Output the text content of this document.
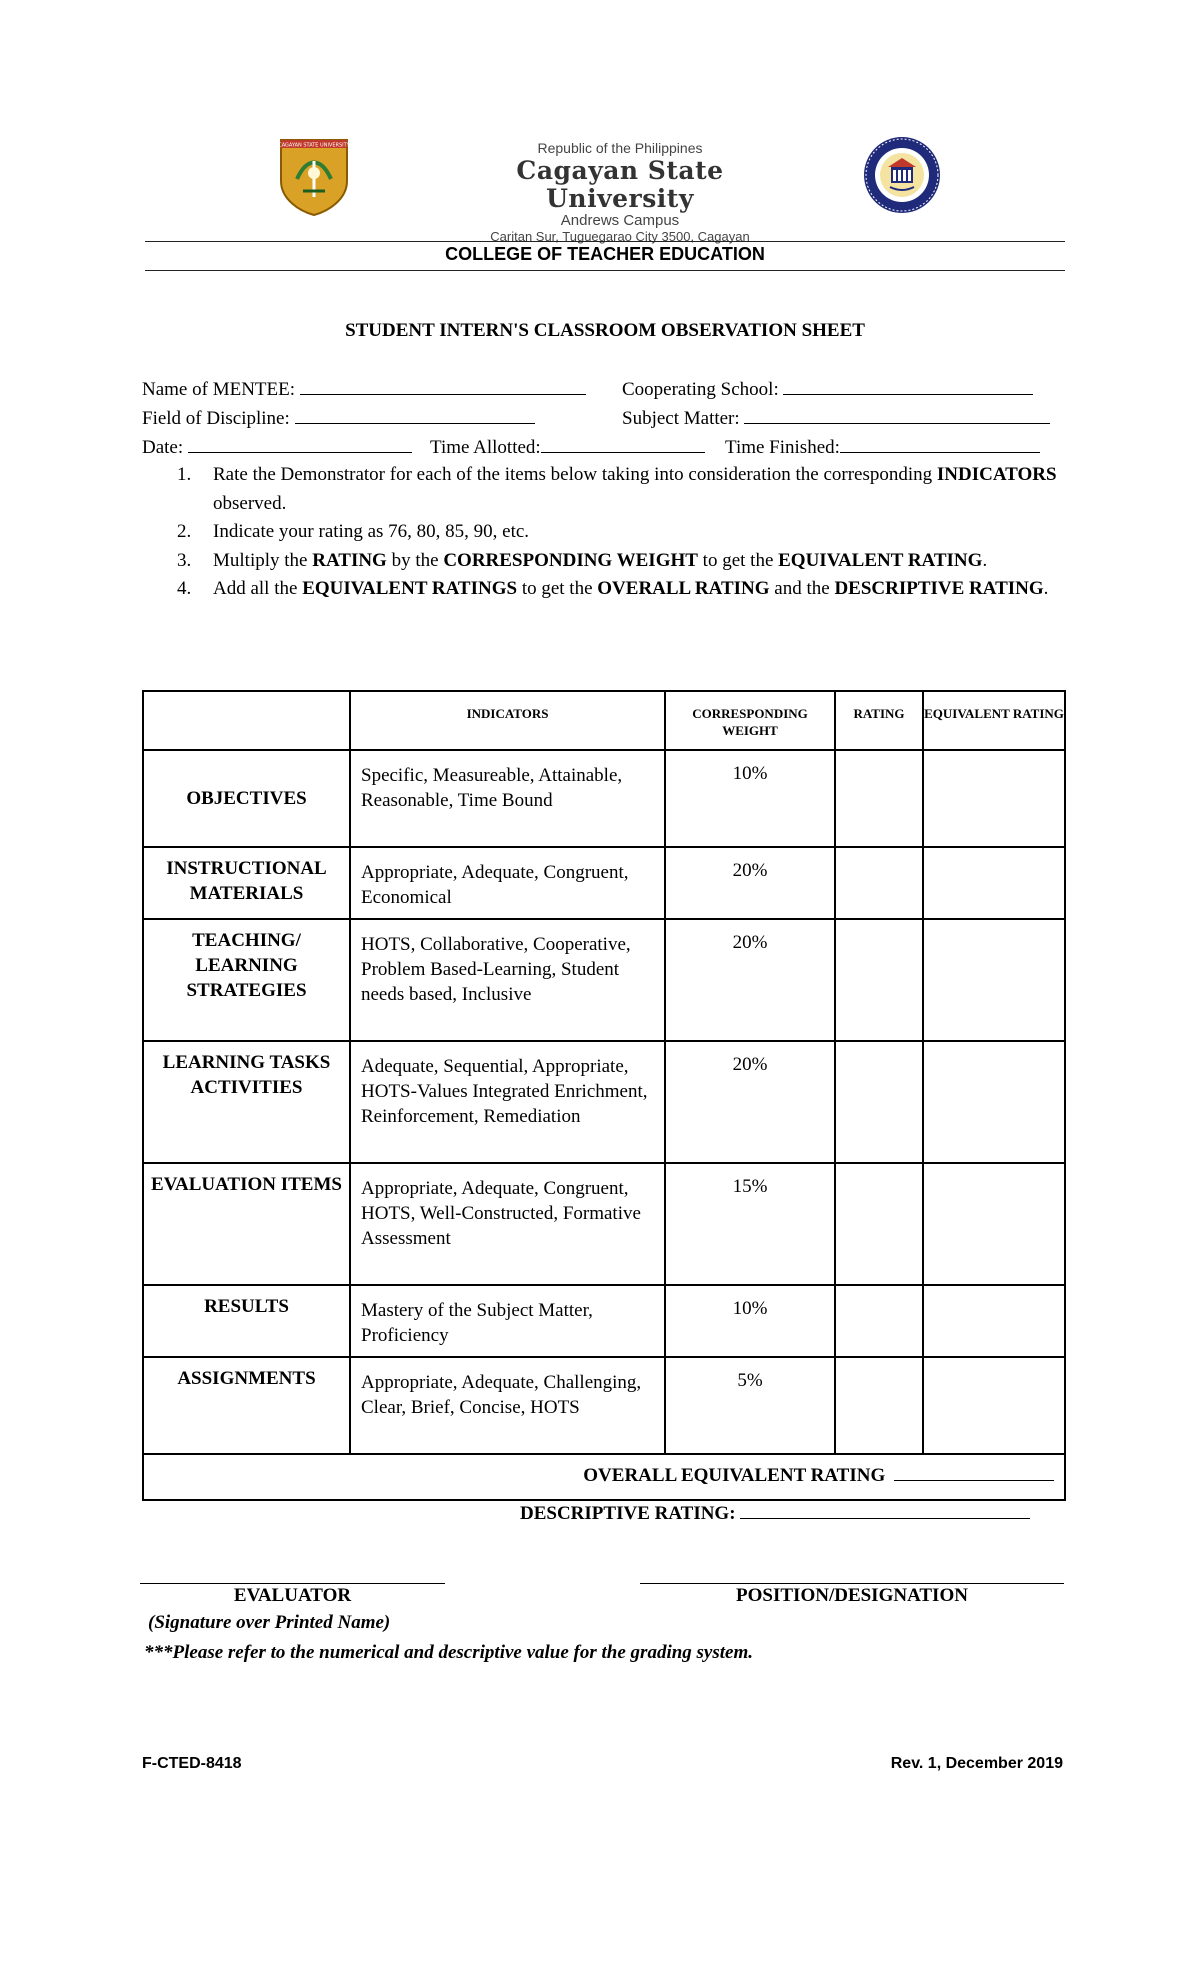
CAGAYAN STATE UNIVERSITY	Republic of the Philippines
Cagayan State University
Andrews Campus
Caritan Sur, Tuguegarao City 3500, Cagayan
COLLEGE OF TEACHER EDUCATION
STUDENT INTERN'S CLASSROOM OBSERVATION SHEET
Name of MENTEE:	Cooperating School:
Field of Discipline:	Subject Matter:
Date:	Time Allotted:	Time Finished:
1. Rate the Demonstrator for each of the items below taking into consideration the corresponding INDICATORS observed.
2. Indicate your rating as 76, 80, 85, 90, etc.
3. Multiply the RATING by the CORRESPONDING WEIGHT to get the EQUIVALENT RATING.
4. Add all the EQUIVALENT RATINGS to get the OVERALL RATING and the DESCRIPTIVE RATING.
	INDICATORS	CORRESPONDING WEIGHT	RATING	EQUIVALENT RATING
OBJECTIVES	Specific, Measureable, Attainable, Reasonable, Time Bound	10%		
INSTRUCTIONAL MATERIALS	Appropriate, Adequate, Congruent, Economical	20%		
TEACHING/ LEARNING STRATEGIES	HOTS, Collaborative, Cooperative, Problem Based-Learning, Student needs based, Inclusive	20%		
LEARNING TASKS ACTIVITIES	Adequate, Sequential, Appropriate, HOTS-Values Integrated Enrichment, Reinforcement, Remediation	20%		
EVALUATION ITEMS	Appropriate, Adequate, Congruent, HOTS, Well-Constructed, Formative Assessment	15%		
RESULTS	Mastery of the Subject Matter, Proficiency	10%		
ASSIGNMENTS	Appropriate, Adequate, Challenging, Clear, Brief, Concise, HOTS	5%		
OVERALL EQUIVALENT RATING				
DESCRIPTIVE RATING:
EVALUATOR	POSITION/DESIGNATION
(Signature over Printed Name)
***Please refer to the numerical and descriptive value for the grading system.
F-CTED-8418	Rev. 1, December 2019
